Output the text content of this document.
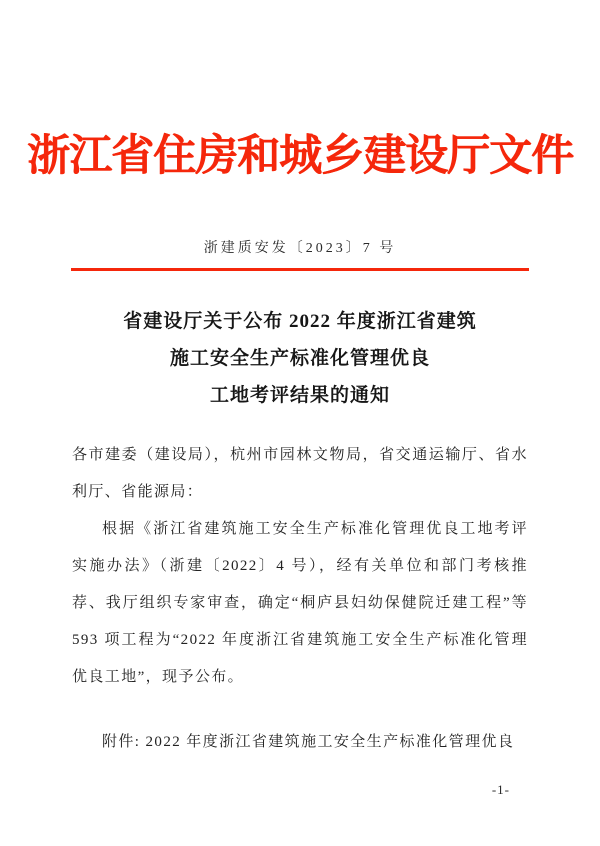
浙江省住房和城乡建设厅文件
浙建质安发〔2023〕7 号
省建设厅关于公布 2022 年度浙江省建筑
施工安全生产标准化管理优良
工地考评结果的通知

各市建委（建设局），杭州市园林文物局，省交通运输厅、省水利厅、省能源局：

根据《浙江省建筑施工安全生产标准化管理优良工地考评实施办法》（浙建〔2022〕4 号），经有关单位和部门考核推荐、我厅组织专家审查，确定“桐庐县妇幼保健院迁建工程”等 593 项工程为“2022 年度浙江省建筑施工安全生产标准化管理优良工地”，现予公布。

附件: 2022 年度浙江省建筑施工安全生产标准化管理优良

-1-
